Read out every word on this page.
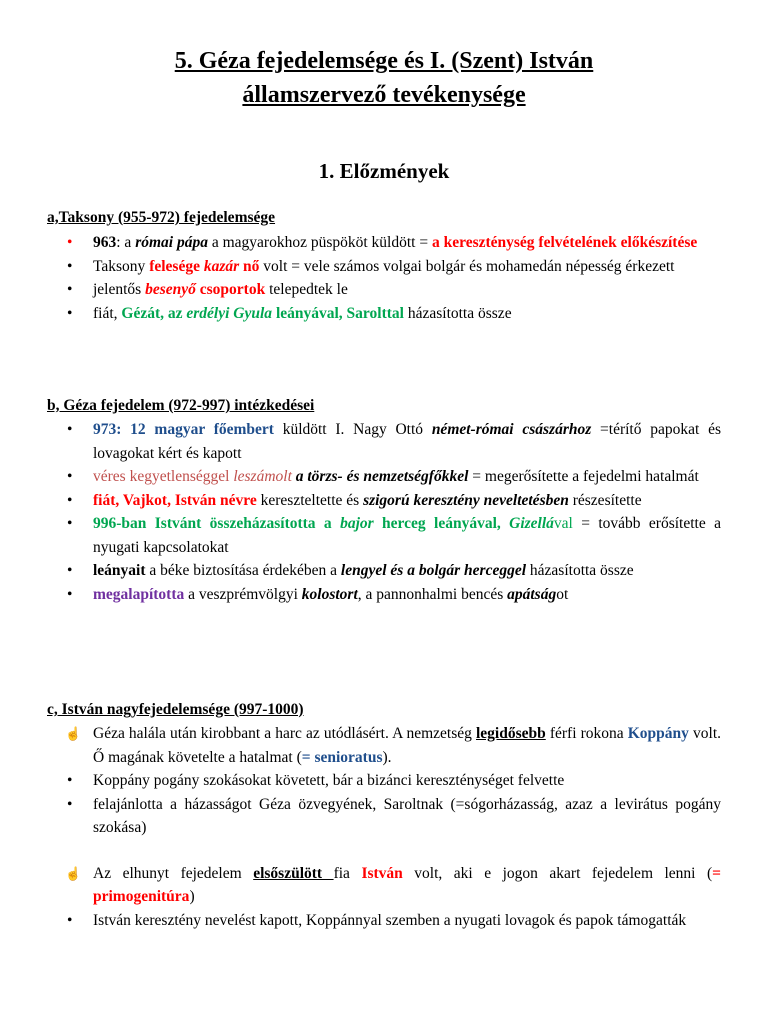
5. Géza fejedelemsége és I. (Szent) István
államszervező tevékenysége
1. Előzmények
a,Taksony (955-972) fejedelemsége
• 963: a római pápa a magyarokhoz püspököt küldött = a kereszténység felvételének előkészítése
• Taksony felesége kazár nő volt = vele számos volgai bolgár és mohamedán népesség érkezett
• jelentős besenyő csoportok telepedtek le
• fiát, Gézát, az erdélyi Gyula leányával, Sarolttal házasította össze
b, Géza fejedelem (972-997) intézkedései
• 973: 12 magyar főembert küldött I. Nagy Ottó német-római császárhoz =térítő papokat és lovagokat kért és kapott
• véres kegyetlenséggel leszámolt a törzs- és nemzetségfőkkel = megerősítette a fejedelmi hatalmát
• fiát, Vajkot, István névre kereszteltette és szigorú keresztény neveltetésben részesítette
• 996-ban Istvánt összeházasította a bajor herceg leányával, Gizellával = tovább erősítette a nyugati kapcsolatokat
• leányait a béke biztosítása érdekében a lengyel és a bolgár herceggel házasította össze
• megalapította a veszprémvölgyi kolostort, a pannonhalmi bencés apátságot
c, István nagyfejedelemsége (997-1000)
☝ Géza halála után kirobbant a harc az utódlásért. A nemzetség legidősebb férfi rokona Koppány volt. Ő magának követelte a hatalmat (= senioratus).
• Koppány pogány szokásokat követett, bár a bizánci kereszténységet felvette
• felajánlotta a házasságot Géza özvegyének, Saroltnak (=sógorházasság, azaz a levirátus pogány szokása)
☝ Az elhunyt fejedelem elsőszülött fia István volt, aki e jogon akart fejedelem lenni (= primogenitúra)
• István keresztény nevelést kapott, Koppánnyal szemben a nyugati lovagok és papok támogatták
